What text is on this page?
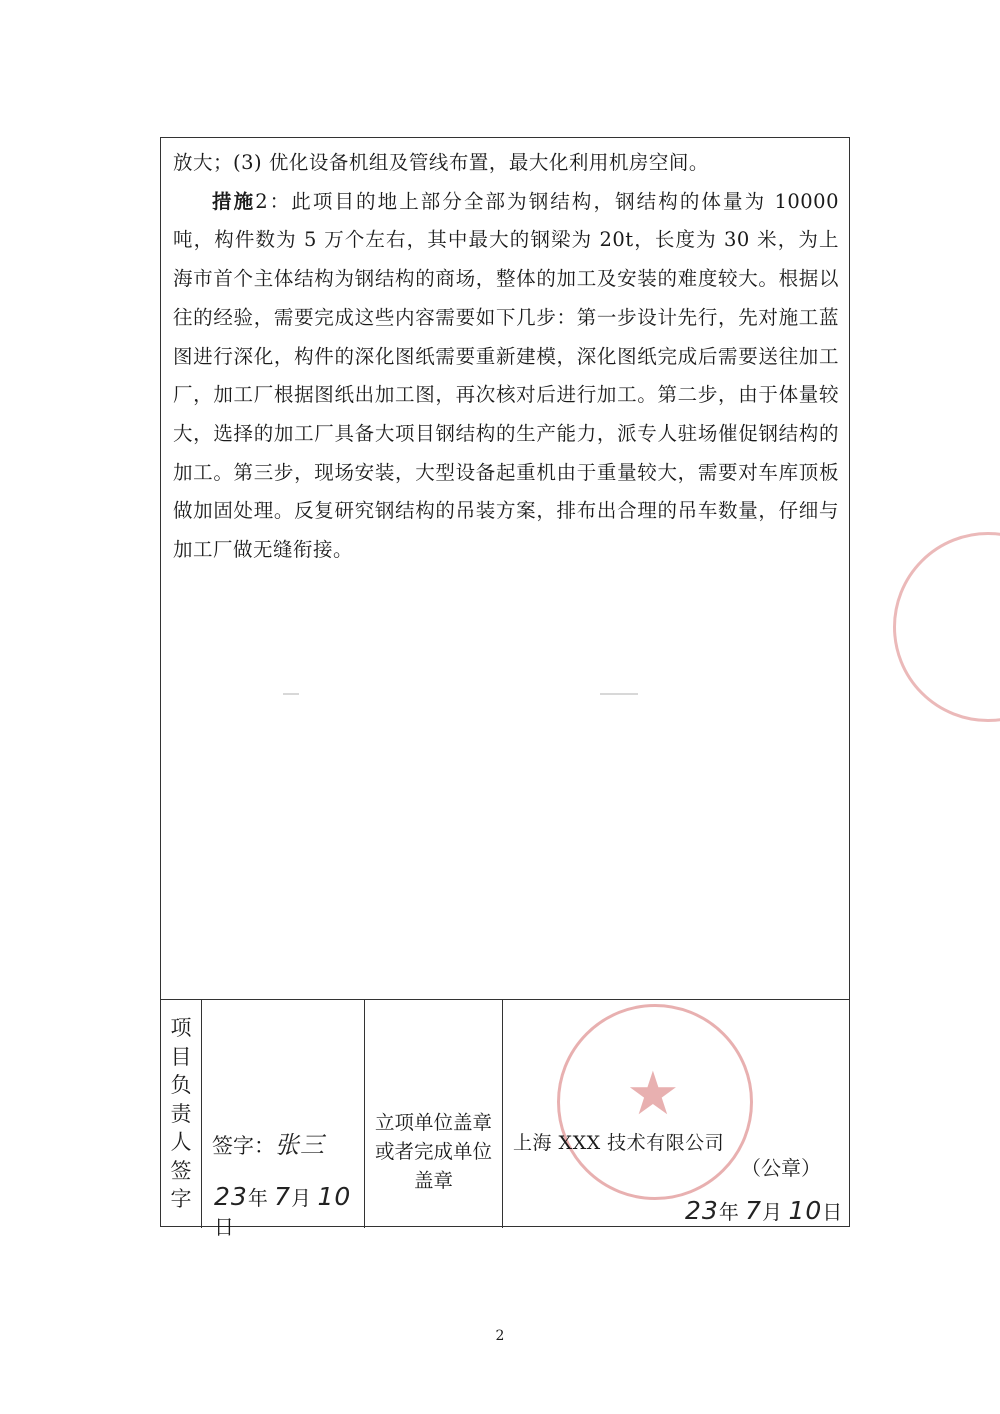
放大；(3) 优化设备机组及管线布置，最大化利用机房空间。

措施2：此项目的地上部分全部为钢结构，钢结构的体量为 10000 吨，构件数为 5 万个左右，其中最大的钢梁为 20t，长度为 30 米，为上海市首个主体结构为钢结构的商场，整体的加工及安装的难度较大。根据以往的经验，需要完成这些内容需要如下几步：第一步设计先行，先对施工蓝图进行深化，构件的深化图纸需要重新建模，深化图纸完成后需要送往加工厂，加工厂根据图纸出加工图，再次核对后进行加工。第二步，由于体量较大，选择的加工厂具备大项目钢结构的生产能力，派专人驻场催促钢结构的加工。第三步，现场安装，大型设备起重机由于重量较大，需要对车库顶板做加固处理。反复研究钢结构的吊装方案，排布出合理的吊车数量，仔细与加工厂做无缝衔接。

项
目
负
责
人
签
字
签字：张三
23年 7月 10日
立项单位盖章或者完成单位盖章
★
上海 XXX 技术有限公司
（公章）
23年 7月 10日
2
